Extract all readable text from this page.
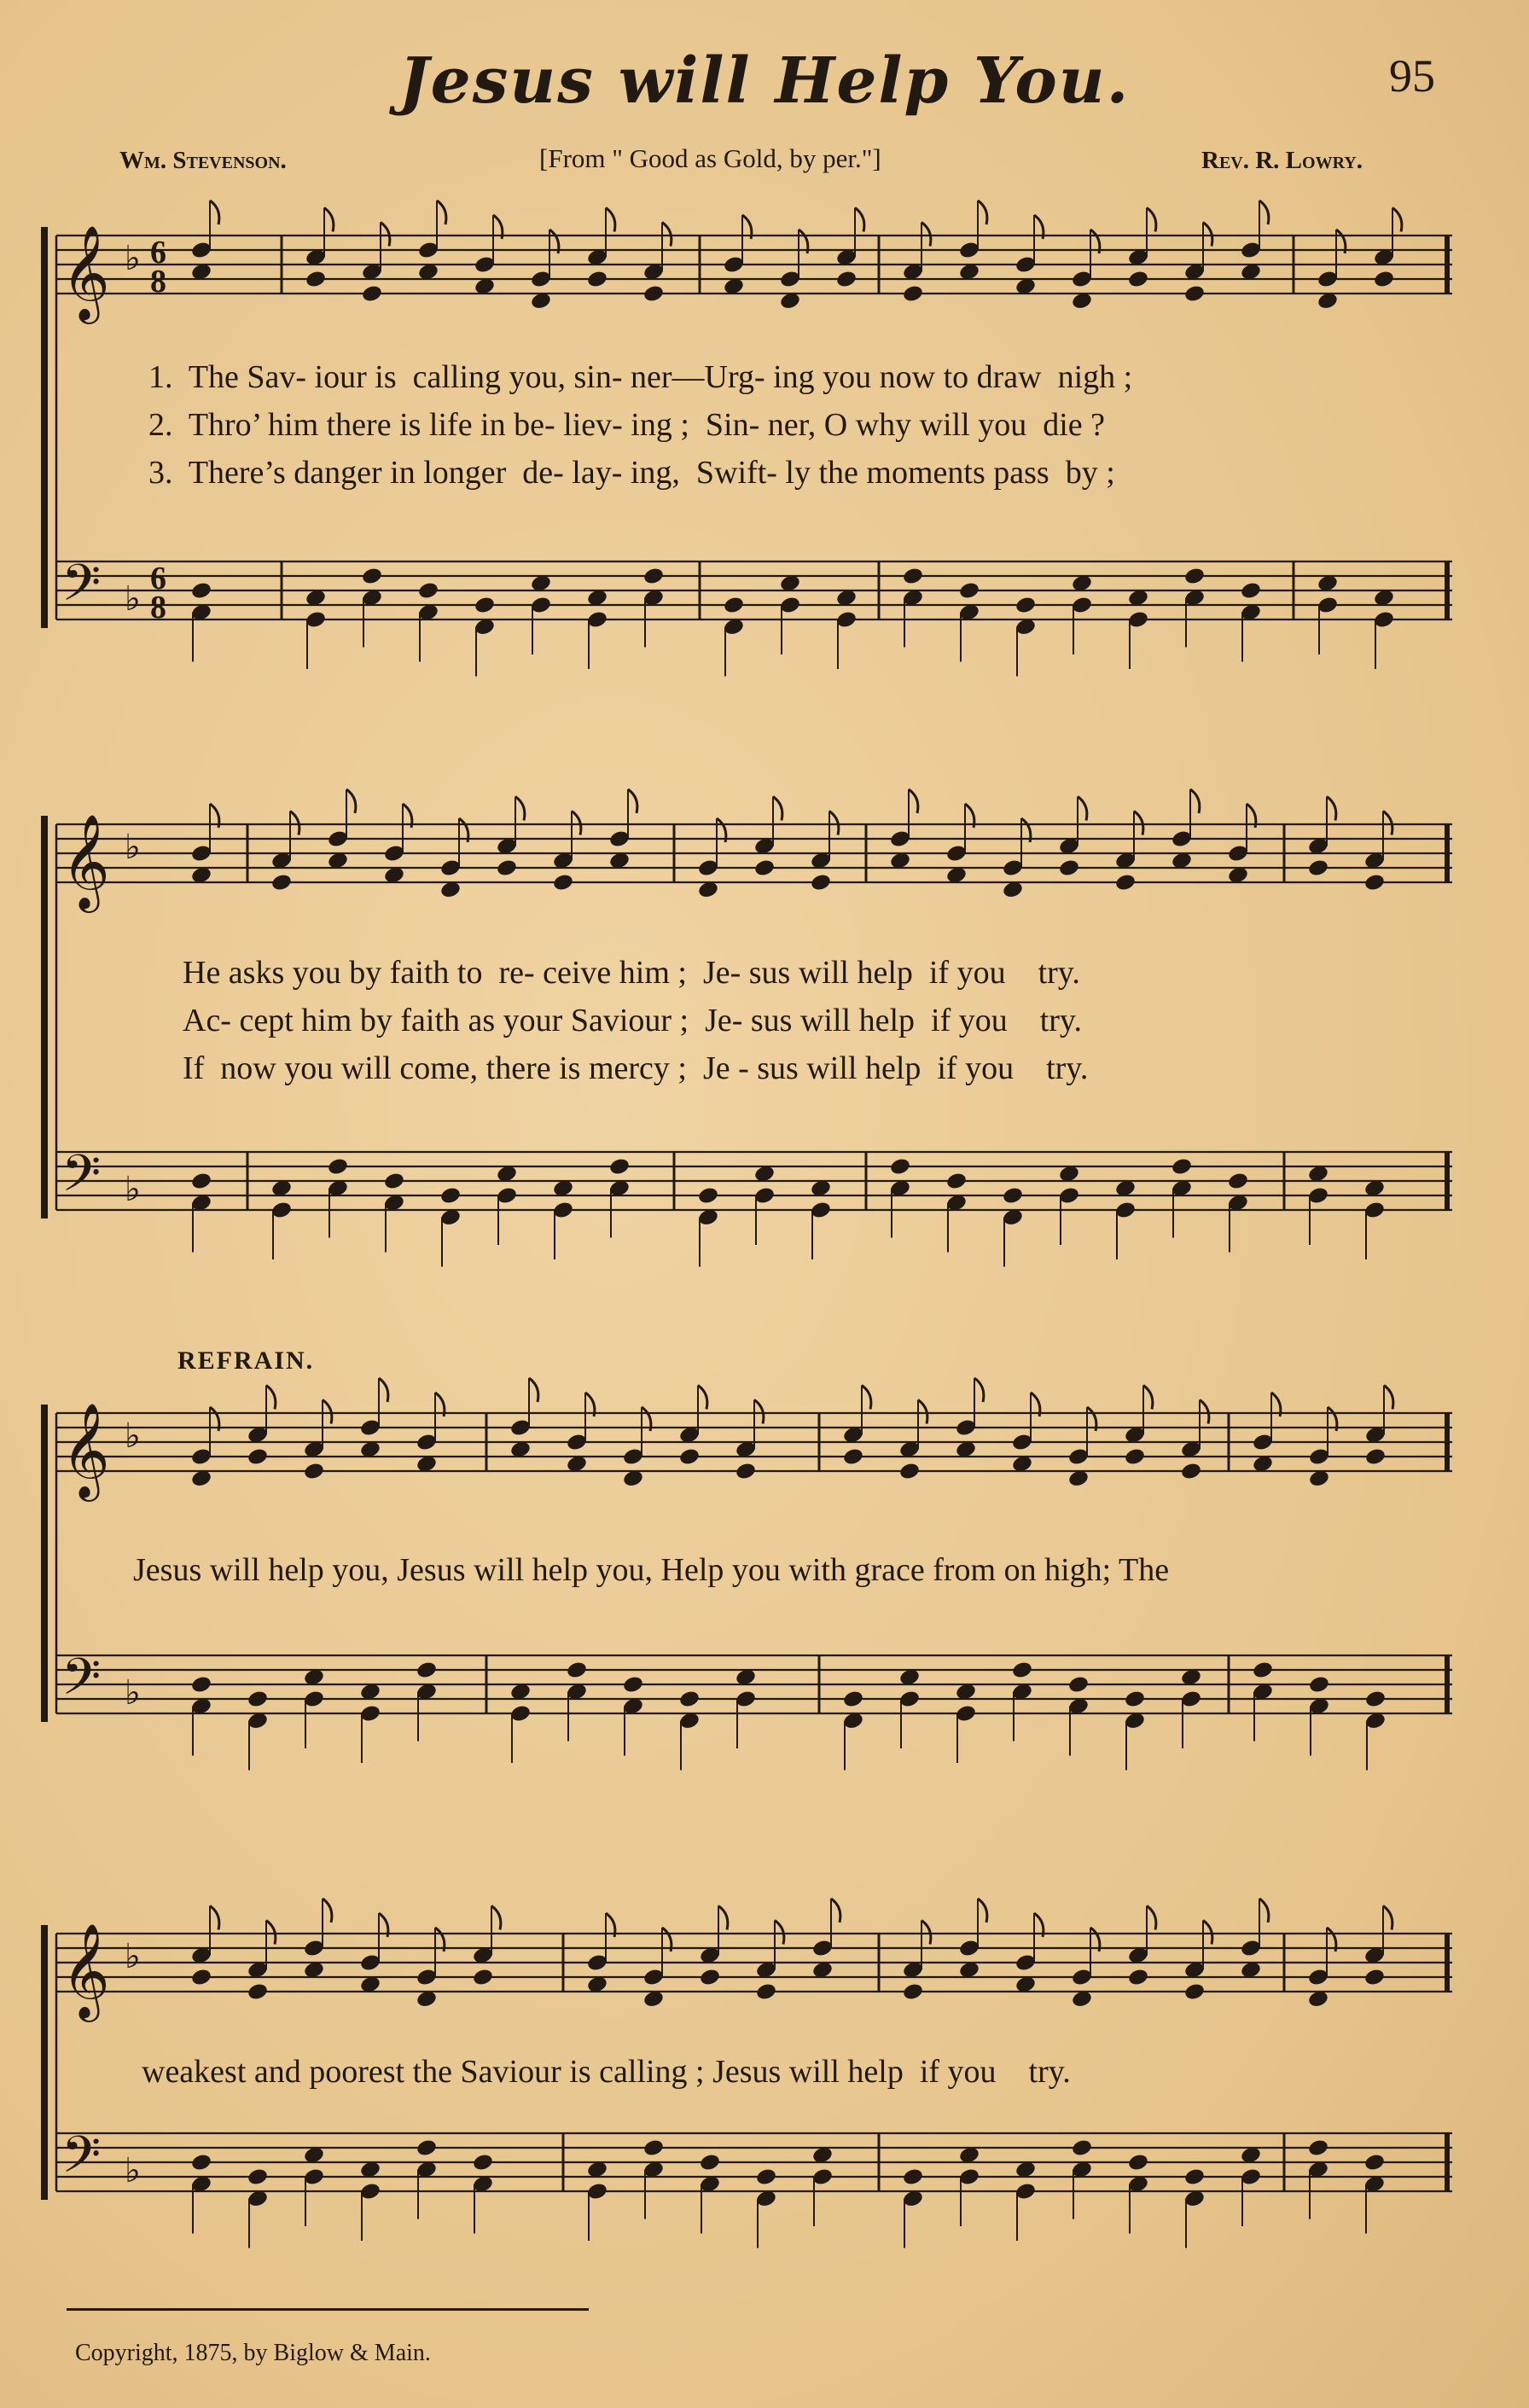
Jesus will Help You.	95
Wm. Stevenson.	[From " Good as Gold, by per."]	Rev. R. Lowry.
𝄞
𝄢
♭
♭
6
6
8
8
𝄞
𝄢
♭
♭
𝄞
𝄢
♭
♭
𝄞
𝄢
♭
♭
1.  The Sav- iour is  calling you, sin- ner—Urg- ing you now to draw  nigh ;
2.  Thro’ him there is life in be- liev- ing ;  Sin- ner, O why will you  die ?
3.  There’s danger in longer  de- lay- ing,  Swift- ly the moments pass  by ;
He asks you by faith to  re- ceive him ;  Je- sus will help  if you    try.
Ac- cept him by faith as your Saviour ;  Je- sus will help  if you    try.
If  now you will come, there is mercy ;  Je - sus will help  if you    try.
REFRAIN.
Jesus will help you, Jesus will help you, Help you with grace from on high; The
weakest and poorest the Saviour is calling ; Jesus will help  if you    try.
Copyright, 1875, by Biglow & Main.
